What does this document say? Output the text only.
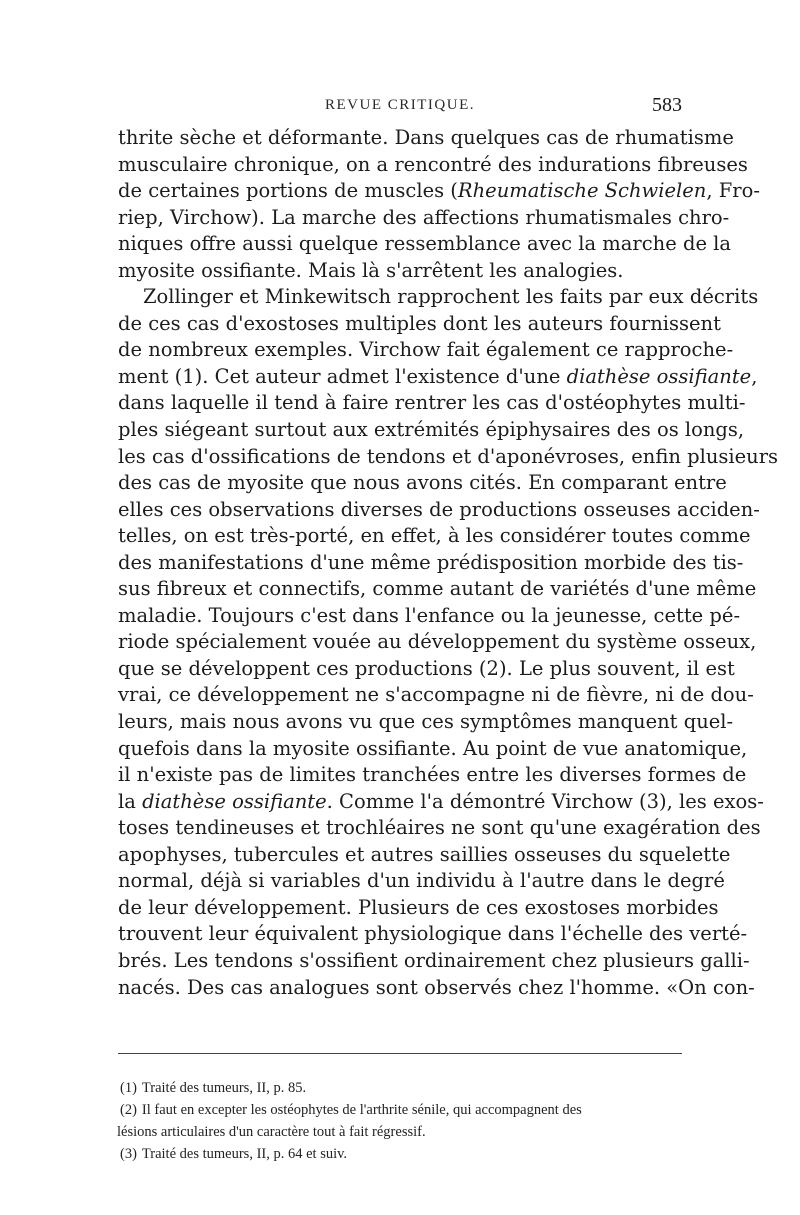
REVUE CRITIQUE.	583
thrite sèche et déformante. Dans quelques cas de rhumatisme
musculaire chronique, on a rencontré des indurations fibreuses
de certaines portions de muscles (Rheumatische Schwielen, Fro-
riep, Virchow). La marche des affections rhumatismales chro-
niques offre aussi quelque ressemblance avec la marche de la
myosite ossifiante. Mais là s'arrêtent les analogies.
Zollinger et Minkewitsch rapprochent les faits par eux décrits
de ces cas d'exostoses multiples dont les auteurs fournissent
de nombreux exemples. Virchow fait également ce rapproche-
ment (1). Cet auteur admet l'existence d'une diathèse ossifiante,
dans laquelle il tend à faire rentrer les cas d'ostéophytes multi-
ples siégeant surtout aux extrémités épiphysaires des os longs,
les cas d'ossifications de tendons et d'aponévroses, enfin plusieurs
des cas de myosite que nous avons cités. En comparant entre
elles ces observations diverses de productions osseuses acciden-
telles, on est très-porté, en effet, à les considérer toutes comme
des manifestations d'une même prédisposition morbide des tis-
sus fibreux et connectifs, comme autant de variétés d'une même
maladie. Toujours c'est dans l'enfance ou la jeunesse, cette pé-
riode spécialement vouée au développement du système osseux,
que se développent ces productions (2). Le plus souvent, il est
vrai, ce développement ne s'accompagne ni de fièvre, ni de dou-
leurs, mais nous avons vu que ces symptômes manquent quel-
quefois dans la myosite ossifiante. Au point de vue anatomique,
il n'existe pas de limites tranchées entre les diverses formes de
la diathèse ossifiante. Comme l'a démontré Virchow (3), les exos-
toses tendineuses et trochléaires ne sont qu'une exagération des
apophyses, tubercules et autres saillies osseuses du squelette
normal, déjà si variables d'un individu à l'autre dans le degré
de leur développement. Plusieurs de ces exostoses morbides
trouvent leur équivalent physiologique dans l'échelle des verté-
brés. Les tendons s'ossifient ordinairement chez plusieurs galli-
nacés. Des cas analogues sont observés chez l'homme. «On con-
(1) Traité des tumeurs, II, p. 85.
(2) Il faut en excepter les ostéophytes de l'arthrite sénile, qui accompagnent des
lésions articulaires d'un caractère tout à fait régressif.
(3) Traité des tumeurs, II, p. 64 et suiv.
